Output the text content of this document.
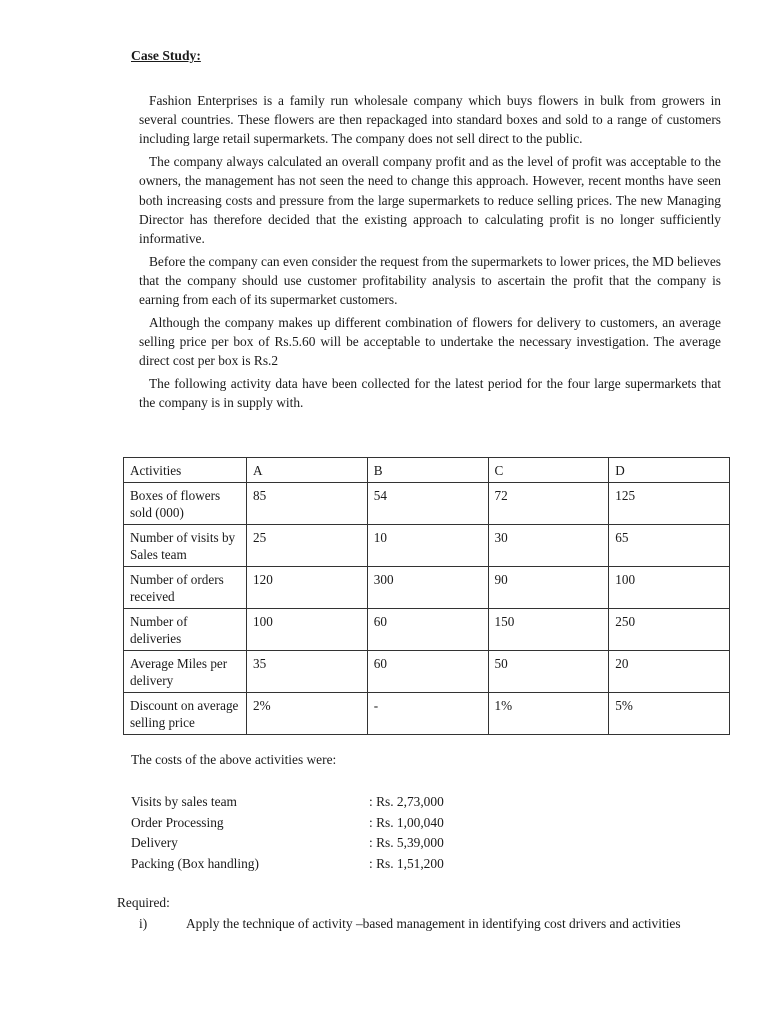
Case Study:

Fashion Enterprises is a family run wholesale company which buys flowers in bulk from growers in several countries. These flowers are then repackaged into standard boxes and sold to a range of customers including large retail supermarkets. The company does not sell direct to the public.

The company always calculated an overall company profit and as the level of profit was acceptable to the owners, the management has not seen the need to change this approach. However, recent months have seen both increasing costs and pressure from the large supermarkets to reduce selling prices. The new Managing Director has therefore decided that the existing approach to calculating profit is no longer sufficiently informative.

Before the company can even consider the request from the supermarkets to lower prices, the MD believes that the company should use customer profitability analysis to ascertain the profit that the company is earning from each of its supermarket customers.

Although the company makes up different combination of flowers for delivery to customers, an average selling price per box of Rs.5.60 will be acceptable to undertake the necessary investigation. The average direct cost per box is Rs.2

The following activity data have been collected for the latest period for the four large supermarkets that the company is in supply with.

Activities	A	B	C	D
Boxes of flowers sold (000)	85	54	72	125
Number of visits by Sales team	25	10	30	65
Number of orders received	120	300	90	100
Number of deliveries	100	60	150	250
Average Miles per delivery	35	60	50	20
Discount on average selling price	2%	-	1%	5%
The costs of the above activities were:
Visits by sales team	: Rs. 2,73,000
Order Processing	: Rs. 1,00,040
Delivery	: Rs. 5,39,000
Packing (Box handling)	: Rs. 1,51,200
Required:
i)	Apply the technique of activity –based management in identifying cost drivers and activities
